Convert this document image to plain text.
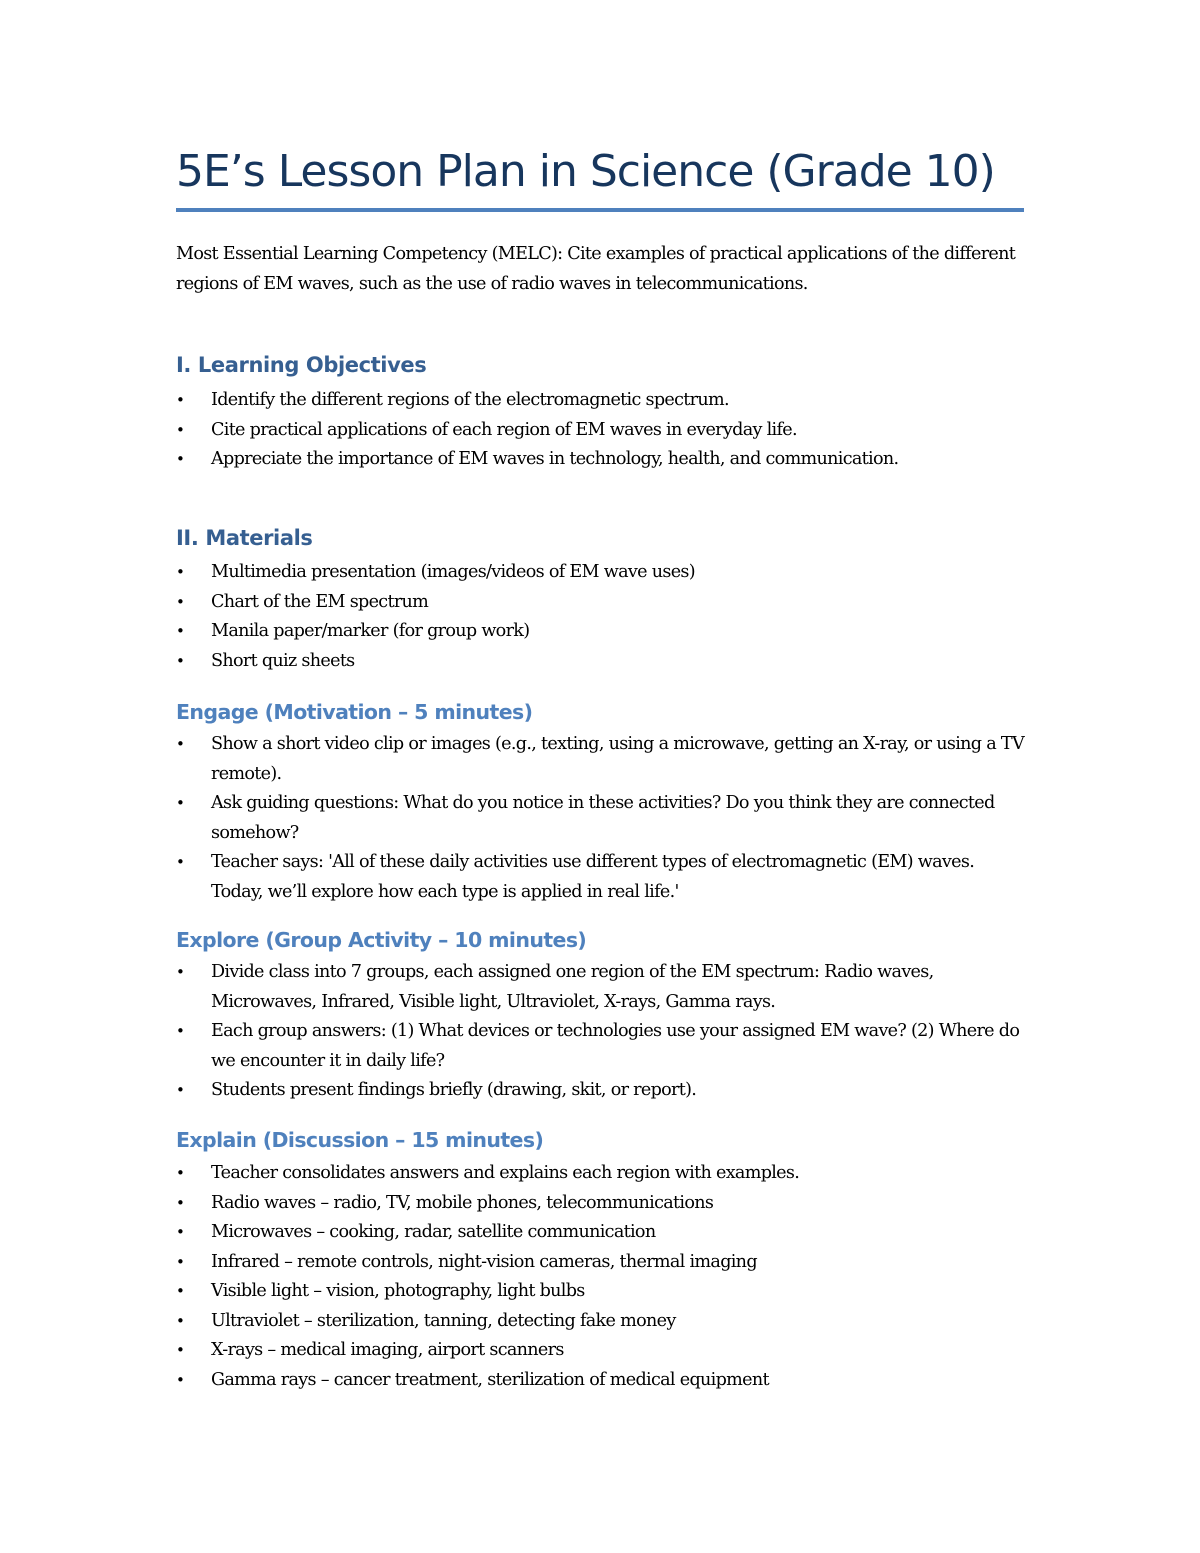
5E’s Lesson Plan in Science (Grade 10)

Most Essential Learning Competency (MELC): Cite examples of practical applications of the different regions of EM waves, such as the use of radio waves in telecommunications.

I. Learning Objectives
• Identify the different regions of the electromagnetic spectrum.
• Cite practical applications of each region of EM waves in everyday life.
• Appreciate the importance of EM waves in technology, health, and communication.
II. Materials
• Multimedia presentation (images/videos of EM wave uses)
• Chart of the EM spectrum
• Manila paper/marker (for group work)
• Short quiz sheets
Engage (Motivation – 5 minutes)
• Show a short video clip or images (e.g., texting, using a microwave, getting an X-ray, or using a TV remote).
• Ask guiding questions: What do you notice in these activities? Do you think they are connected somehow?
• Teacher says: 'All of these daily activities use different types of electromagnetic (EM) waves. Today, we’ll explore how each type is applied in real life.'
Explore (Group Activity – 10 minutes)
• Divide class into 7 groups, each assigned one region of the EM spectrum: Radio waves, Microwaves, Infrared, Visible light, Ultraviolet, X-rays, Gamma rays.
• Each group answers: (1) What devices or technologies use your assigned EM wave? (2) Where do we encounter it in daily life?
• Students present findings briefly (drawing, skit, or report).
Explain (Discussion – 15 minutes)
• Teacher consolidates answers and explains each region with examples.
• Radio waves – radio, TV, mobile phones, telecommunications
• Microwaves – cooking, radar, satellite communication
• Infrared – remote controls, night-vision cameras, thermal imaging
• Visible light – vision, photography, light bulbs
• Ultraviolet – sterilization, tanning, detecting fake money
• X-rays – medical imaging, airport scanners
• Gamma rays – cancer treatment, sterilization of medical equipment
